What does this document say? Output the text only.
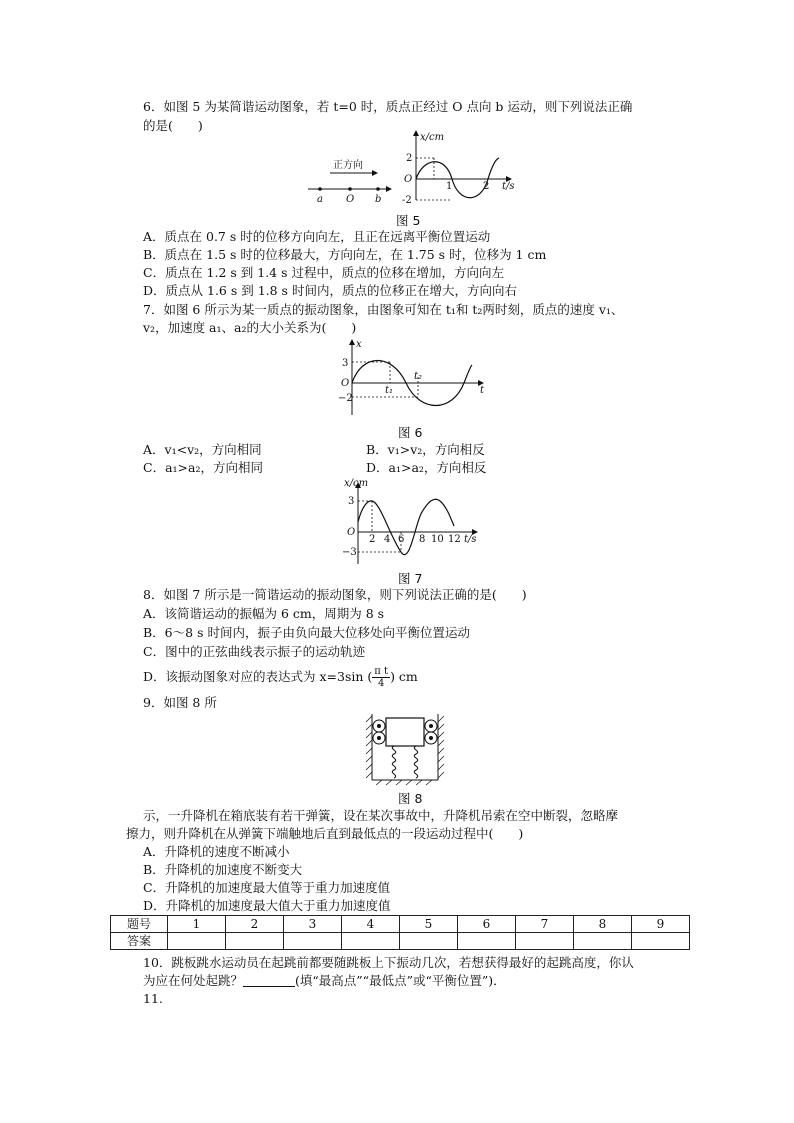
6．如图 5 为某简谐运动图象，若 t=0 时，质点正经过 O 点向 b 运动，则下列说法正确
的是(　　)
正方向
a O b
x/cm
t/s
O
2
-2
1	2
图 5
A．质点在 0.7 s 时的位移方向向左，且正在远离平衡位置运动
B．质点在 1.5 s 时的位移最大，方向向左，在 1.75 s 时，位移为 1 cm
C．质点在 1.2 s 到 1.4 s 过程中，质点的位移在增加，方向向左
D．质点从 1.6 s 到 1.8 s 时间内，质点的位移正在增大，方向向右
7．如图 6 所示为某一质点的振动图象，由图象可知在 t₁和 t₂两时刻，质点的速度 v₁、
v₂，加速度 a₁、a₂的大小关系为(　　)
x
t
O
3
−2
t₁
t₂
图 6
A．v₁<v₂，方向相同	B．v₁>v₂，方向相反
C．a₁>a₂，方向相同	D．a₁>a₂，方向相反
x/cm
t/s
O
3
−3
2 4 6 8 10 12
图 7
8．如图 7 所示是一简谐运动的振动图象，则下列说法正确的是(　　)
A．该简谐运动的振幅为 6 cm，周期为 8 s
B．6～8 s 时间内，振子由负向最大位移处向平衡位置运动
C．图中的正弦曲线表示振子的运动轨迹
D．该振动图象对应的表达式为 x=3sin ( $\frac{\text{π t}}{4}$ ) cm
9．如图 8 所
图 8
示，一升降机在箱底装有若干弹簧，设在某次事故中，升降机吊索在空中断裂，忽略摩
擦力，则升降机在从弹簧下端触地后直到最低点的一段运动过程中(　　)
A．升降机的速度不断减小
B．升降机的加速度不断变大
C．升降机的加速度最大值等于重力加速度值
D．升降机的加速度最大值大于重力加速度值
题号	1	2	3	4	5	6	7	8	9
答案									
10．跳板跳水运动员在起跳前都要随跳板上下振动几次，若想获得最好的起跳高度，你认
为应在何处起跳？	(填“最高点”“最低点”或“平衡位置”)．
11.
